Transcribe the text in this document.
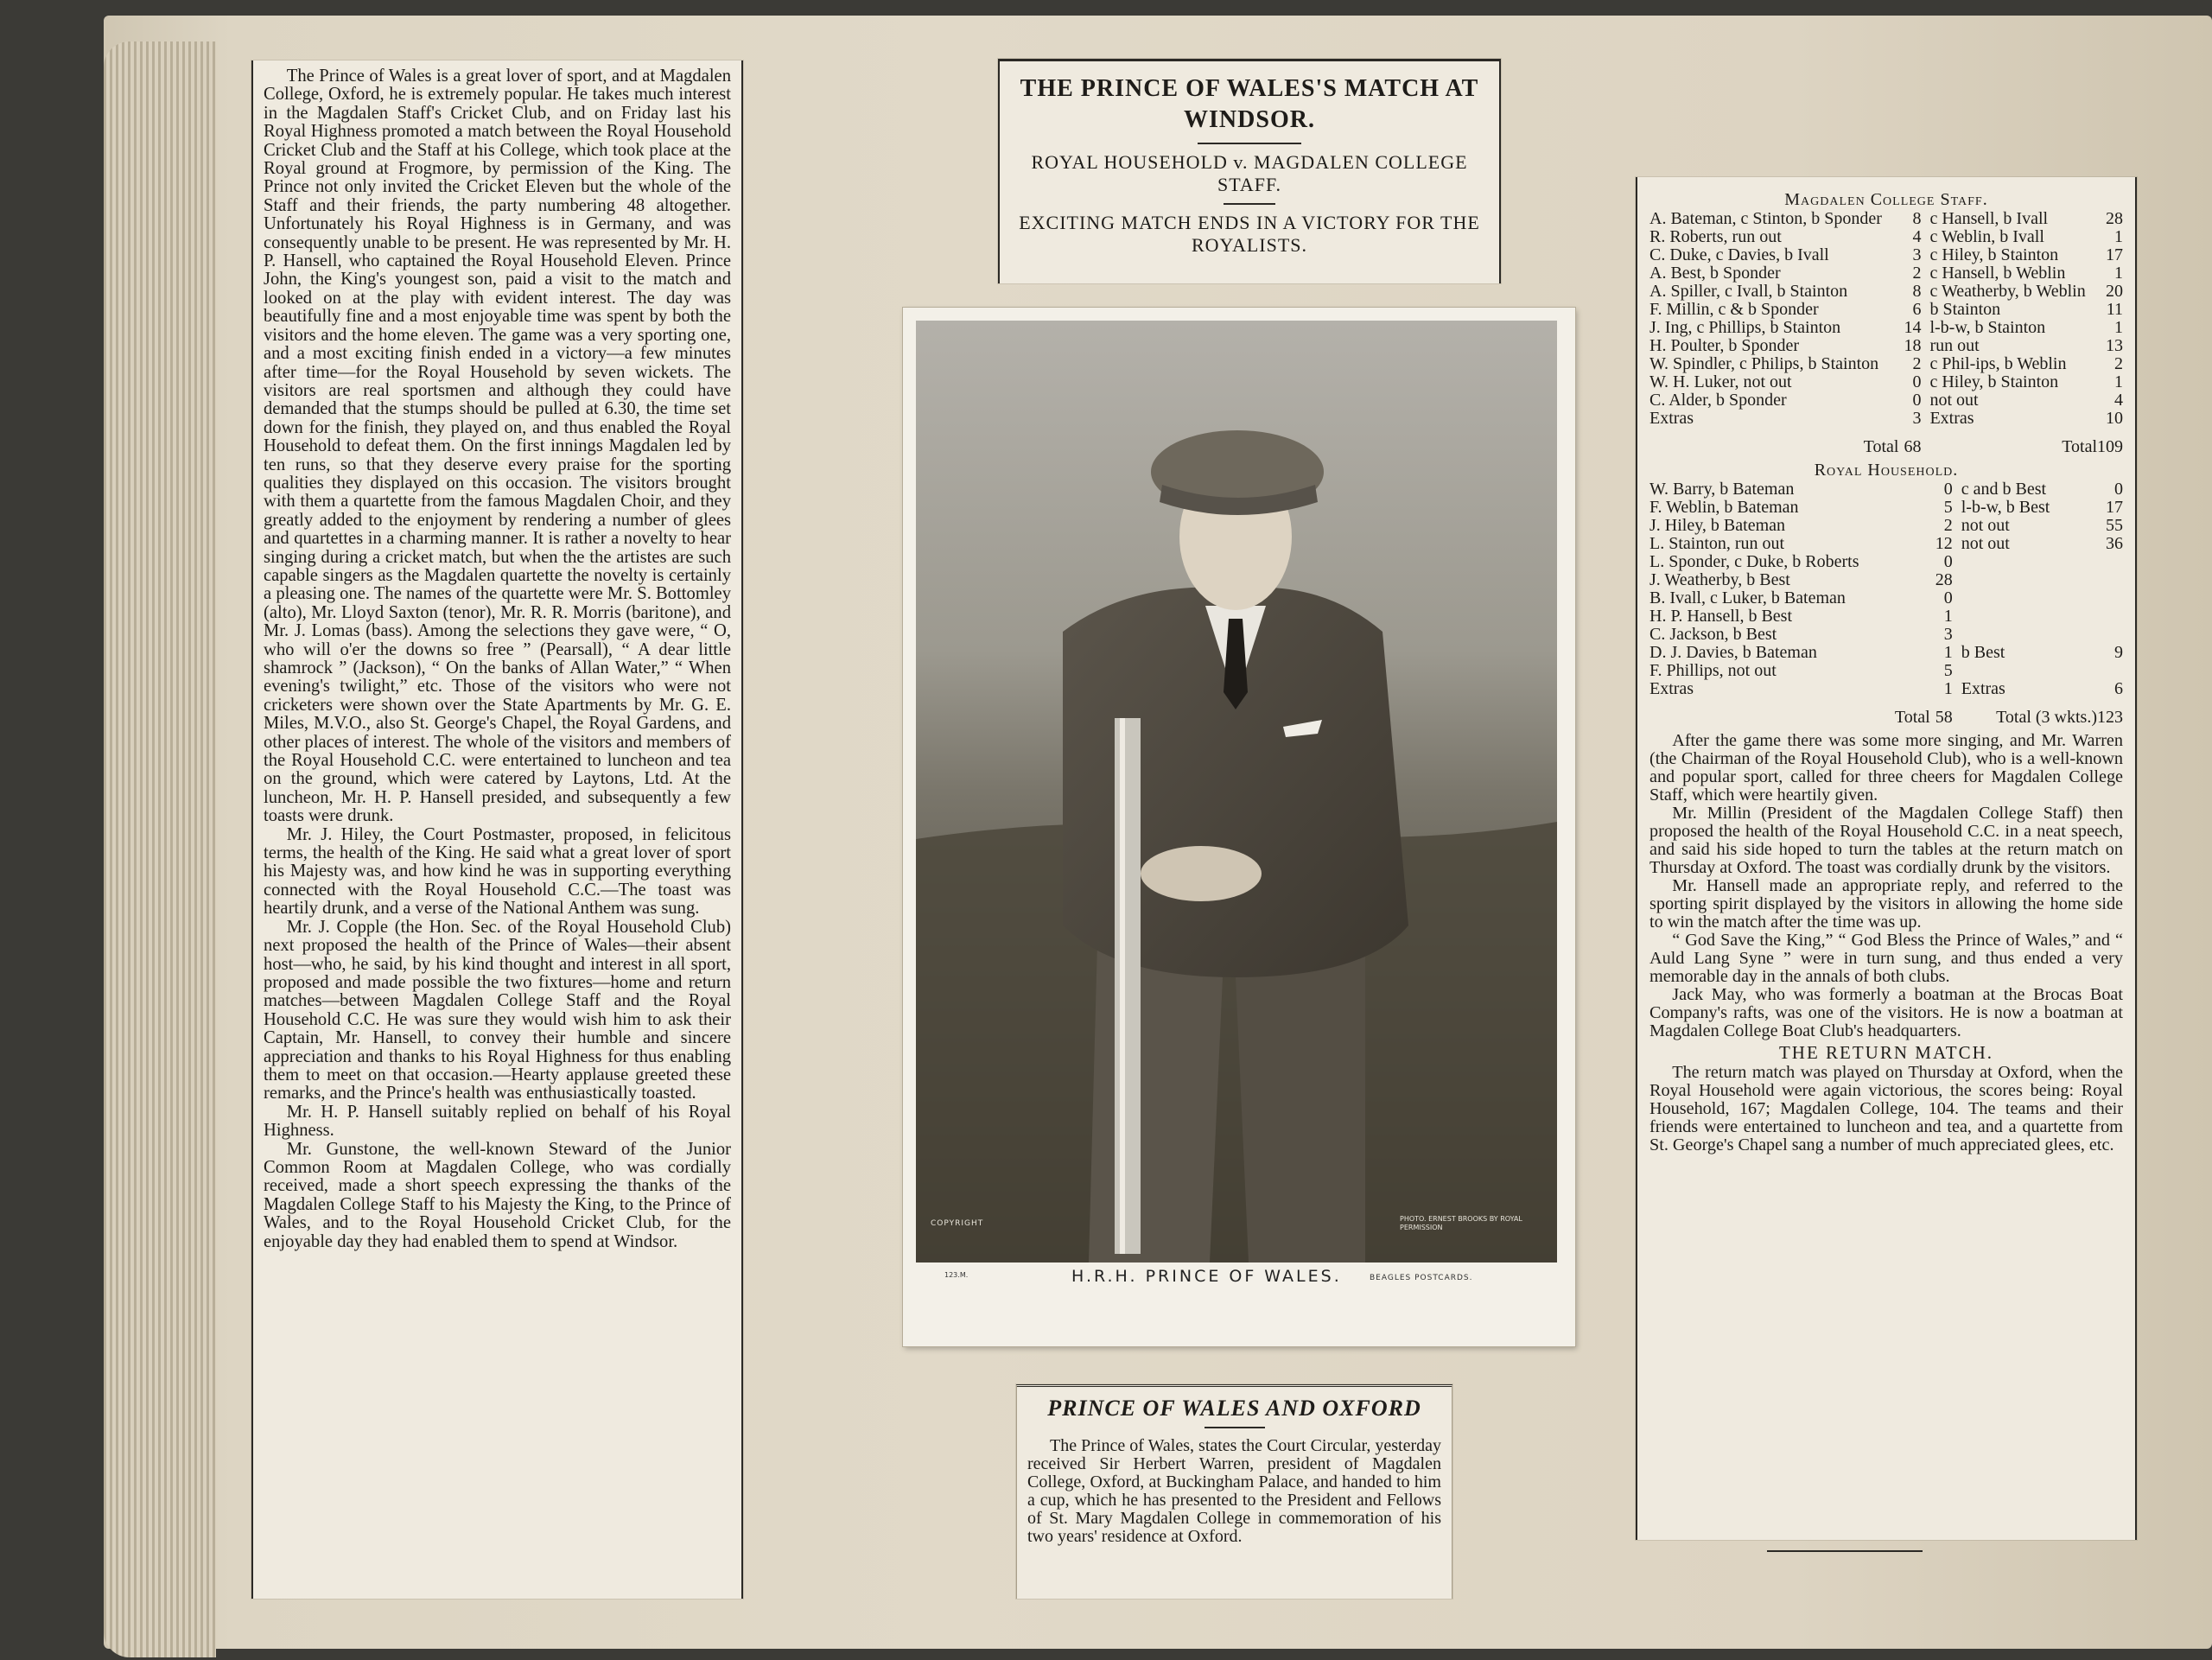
The Prince of Wales is a great lover of sport, and at Magdalen College, Oxford, he is extremely popular. He takes much interest in the Magdalen Staff's Cricket Club, and on Friday last his Royal Highness promoted a match between the Royal Household Cricket Club and the Staff at his College, which took place at the Royal ground at Frogmore, by permission of the King. The Prince not only invited the Cricket Eleven but the whole of the Staff and their friends, the party numbering 48 altogether. Unfortunately his Royal Highness is in Germany, and was consequently unable to be present. He was represented by Mr. H. P. Hansell, who captained the Royal Household Eleven. Prince John, the King's youngest son, paid a visit to the match and looked on at the play with evident interest. The day was beautifully fine and a most enjoyable time was spent by both the visitors and the home eleven. The game was a very sporting one, and a most exciting finish ended in a victory—a few minutes after time—for the Royal Household by seven wickets. The visitors are real sportsmen and although they could have demanded that the stumps should be pulled at 6.30, the time set down for the finish, they played on, and thus enabled the Royal Household to defeat them. On the first innings Magdalen led by ten runs, so that they deserve every praise for the sporting qualities they displayed on this occasion. The visitors brought with them a quartette from the famous Magdalen Choir, and they greatly added to the enjoyment by rendering a number of glees and quartettes in a charming manner. It is rather a novelty to hear singing during a cricket match, but when the the artistes are such capable singers as the Magdalen quartette the novelty is certainly a pleasing one. The names of the quartette were Mr. S. Bottomley (alto), Mr. Lloyd Saxton (tenor), Mr. R. R. Morris (baritone), and Mr. J. Lomas (bass). Among the selections they gave were, “ O, who will o'er the downs so free ” (Pearsall), “ A dear little shamrock ” (Jackson), “ On the banks of Allan Water,” “ When evening's twilight,” etc. Those of the visitors who were not cricketers were shown over the State Apartments by Mr. G. E. Miles, M.V.O., also St. George's Chapel, the Royal Gardens, and other places of interest. The whole of the visitors and members of the Royal Household C.C. were entertained to luncheon and tea on the ground, which were catered by Laytons, Ltd. At the luncheon, Mr. H. P. Hansell presided, and subsequently a few toasts were drunk.

Mr. J. Hiley, the Court Postmaster, proposed, in felicitous terms, the health of the King. He said what a great lover of sport his Majesty was, and how kind he was in supporting everything connected with the Royal Household C.C.—The toast was heartily drunk, and a verse of the National Anthem was sung.

Mr. J. Copple (the Hon. Sec. of the Royal Household Club) next proposed the health of the Prince of Wales—their absent host—who, he said, by his kind thought and interest in all sport, proposed and made possible the two fixtures—home and return matches—between Magdalen College Staff and the Royal Household C.C. He was sure they would wish him to ask their Captain, Mr. Hansell, to convey their humble and sincere appreciation and thanks to his Royal Highness for thus enabling them to meet on that occasion.—Hearty applause greeted these remarks, and the Prince's health was enthusiastically toasted.

Mr. H. P. Hansell suitably replied on behalf of his Royal Highness.

Mr. Gunstone, the well-known Steward of the Junior Common Room at Magdalen College, who was cordially received, made a short speech expressing the thanks of the Magdalen College Staff to his Majesty the King, to the Prince of Wales, and to the Royal Household Cricket Club, for the enjoyable day they had enabled them to spend at Windsor.

THE PRINCE OF WALES'S MATCH AT WINDSOR.
ROYAL HOUSEHOLD v. MAGDALEN COLLEGE STAFF.
EXCITING MATCH ENDS IN A VICTORY FOR THE ROYALISTS.
COPYRIGHT
PHOTO. ERNEST BROOKS BY ROYAL PERMISSION
123.M.	H.R.H. PRINCE OF WALES.	BEAGLES POSTCARDS.
PRINCE OF WALES AND OXFORD
The Prince of Wales, states the Court Circular, yesterday received Sir Herbert Warren, president of Magdalen College, Oxford, at Buckingham Palace, and handed to him a cup, which he has presented to the President and Fellows of St. Mary Magdalen College in commemoration of his two years' residence at Oxford.
Magdalen College Staff.
A. Bateman, c Stinton, b Sponder	8	c Hansell, b Ivall	28
R. Roberts, run out	4	c Weblin, b Ivall	1
C. Duke, c Davies, b Ivall	3	c Hiley, b Stainton	17
A. Best, b Sponder	2	c Hansell, b Weblin	1
A. Spiller, c Ivall, b Stainton	8	c Weatherby, b Weblin	20
F. Millin, c & b Sponder	6	b Stainton	11
J. Ing, c Phillips, b Stainton	14	l-b-w, b Stainton	1
H. Poulter, b Sponder	18	run out	13
W. Spindler, c Philips, b Stainton	2	c Phil-ips, b Weblin	2
W. H. Luker, not out	0	c Hiley, b Stainton	1
C. Alder, b Sponder	0	not out	4
Extras	3	Extras	10
Total	68	Total	109
Royal Household.
W. Barry, b Bateman	0	c and b Best	0
F. Weblin, b Bateman	5	l-b-w, b Best	17
J. Hiley, b Bateman	2	not out	55
L. Stainton, run out	12	not out	36
L. Sponder, c Duke, b Roberts	0		
J. Weatherby, b Best	28		
B. Ivall, c Luker, b Bateman	0		
H. P. Hansell, b Best	1		
C. Jackson, b Best	3		
D. J. Davies, b Bateman	1	b Best	9
F. Phillips, not out	5		
Extras	1	Extras	6
Total	58	Total (3 wkts.)	123

After the game there was some more singing, and Mr. Warren (the Chairman of the Royal Household Club), who is a well-known and popular sport, called for three cheers for Magdalen College Staff, which were heartily given.

Mr. Millin (President of the Magdalen College Staff) then proposed the health of the Royal Household C.C. in a neat speech, and said his side hoped to turn the tables at the return match on Thursday at Oxford. The toast was cordially drunk by the visitors.

Mr. Hansell made an appropriate reply, and referred to the sporting spirit displayed by the visitors in allowing the home side to win the match after the time was up.

“ God Save the King,” “ God Bless the Prince of Wales,” and “ Auld Lang Syne ” were in turn sung, and thus ended a very memorable day in the annals of both clubs.

Jack May, who was formerly a boatman at the Brocas Boat Company's rafts, was one of the visitors. He is now a boatman at Magdalen College Boat Club's headquarters.

THE RETURN MATCH.

The return match was played on Thursday at Oxford, when the Royal Household were again victorious, the scores being: Royal Household, 167; Magdalen College, 104. The teams and their friends were entertained to luncheon and tea, and a quartette from St. George's Chapel sang a number of much appreciated glees, etc.
